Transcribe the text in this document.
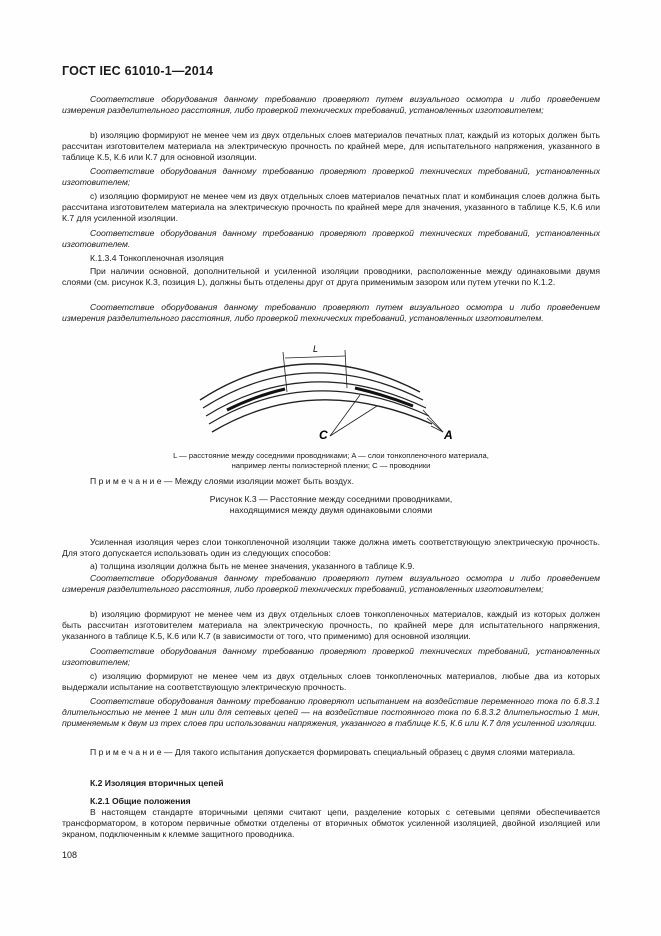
ГОСТ IEC 61010-1—2014
Соответствие оборудования данному требованию проверяют путем визуального осмотра и либо проведением измерения разделительного расстояния, либо проверкой технических требований, установленных изготовителем;
b) изоляцию формируют не менее чем из двух отдельных слоев материалов печатных плат, каждый из которых должен быть рассчитан изготовителем материала на электрическую прочность по крайней мере, для испытательного напряжения, указанного в таблице К.5, К.6 или К.7 для основной изоляции.
Соответствие оборудования данному требованию проверяют проверкой технических требований, установленных изготовителем;
c) изоляцию формируют не менее чем из двух отдельных слоев материалов печатных плат и комбинация слоев должна быть рассчитана изготовителем материала на электрическую прочность по крайней мере для значения, указанного в таблице К.5, К.6 или К.7 для усиленной изоляции.
Соответствие оборудования данному требованию проверяют проверкой технических требований, установленных изготовителем.
К.1.3.4 Тонкопленочная изоляция
При наличии основной, дополнительной и усиленной изоляции проводники, расположенные между одинаковыми двумя слоями (см. рисунок К.3, позиция L), должны быть отделены друг от друга применимым зазором или путем утечки по К.1.2.
Соответствие оборудования данному требованию проверяют путем визуального осмотра и либо проведением измерения разделительного расстояния, либо проверкой технических требований, установленных изготовителем.
L
C	A
L — расстояние между соседними проводниками; A — слои тонкопленочного материала,
например ленты полиэстерной пленки; C — проводники
П р и м е ч а н и е — Между слоями изоляции может быть воздух.
Рисунок К.3 — Расстояние между соседними проводниками,
находящимися между двумя одинаковыми слоями
Усиленная изоляция через слои тонкопленочной изоляции также должна иметь соответствующую электрическую прочность. Для этого допускается использовать один из следующих способов:
a) толщина изоляции должна быть не менее значения, указанного в таблице К.9.
Соответствие оборудования данному требованию проверяют путем визуального осмотра и либо проведением измерения разделительного расстояния, либо проверкой технических требований, установленных изготовителем;
b) изоляцию формируют не менее чем из двух отдельных слоев тонкопленочных материалов, каждый из которых должен быть рассчитан изготовителем материала на электрическую прочность, по крайней мере для испытательного напряжения, указанного в таблице К.5, К.6 или К.7 (в зависимости от того, что применимо) для основной изоляции.
Соответствие оборудования данному требованию проверяют проверкой технических требований, установленных изготовителем;
c) изоляцию формируют не менее чем из двух отдельных слоев тонкопленочных материалов, любые два из которых выдержали испытание на соответствующую электрическую прочность.
Соответствие оборудования данному требованию проверяют испытанием на воздействие переменного тока по 6.8.3.1 длительностью не менее 1 мин или для сетевых цепей — на воздействие постоянного тока по 6.8.3.2 длительностью 1 мин, применяемым к двум из трех слоев при использовании напряжения, указанного в таблице К.5, К.6 или К.7 для усиленной изоляции.
П р и м е ч а н и е — Для такого испытания допускается формировать специальный образец с двумя слоями материала.
К.2 Изоляция вторичных цепей
К.2.1 Общие положения
В настоящем стандарте вторичными цепями считают цепи, разделение которых с сетевыми цепями обеспечивается трансформатором, в котором первичные обмотки отделены от вторичных обмоток усиленной изоляцией, двойной изоляцией или экраном, подключенным к клемме защитного проводника.
108
